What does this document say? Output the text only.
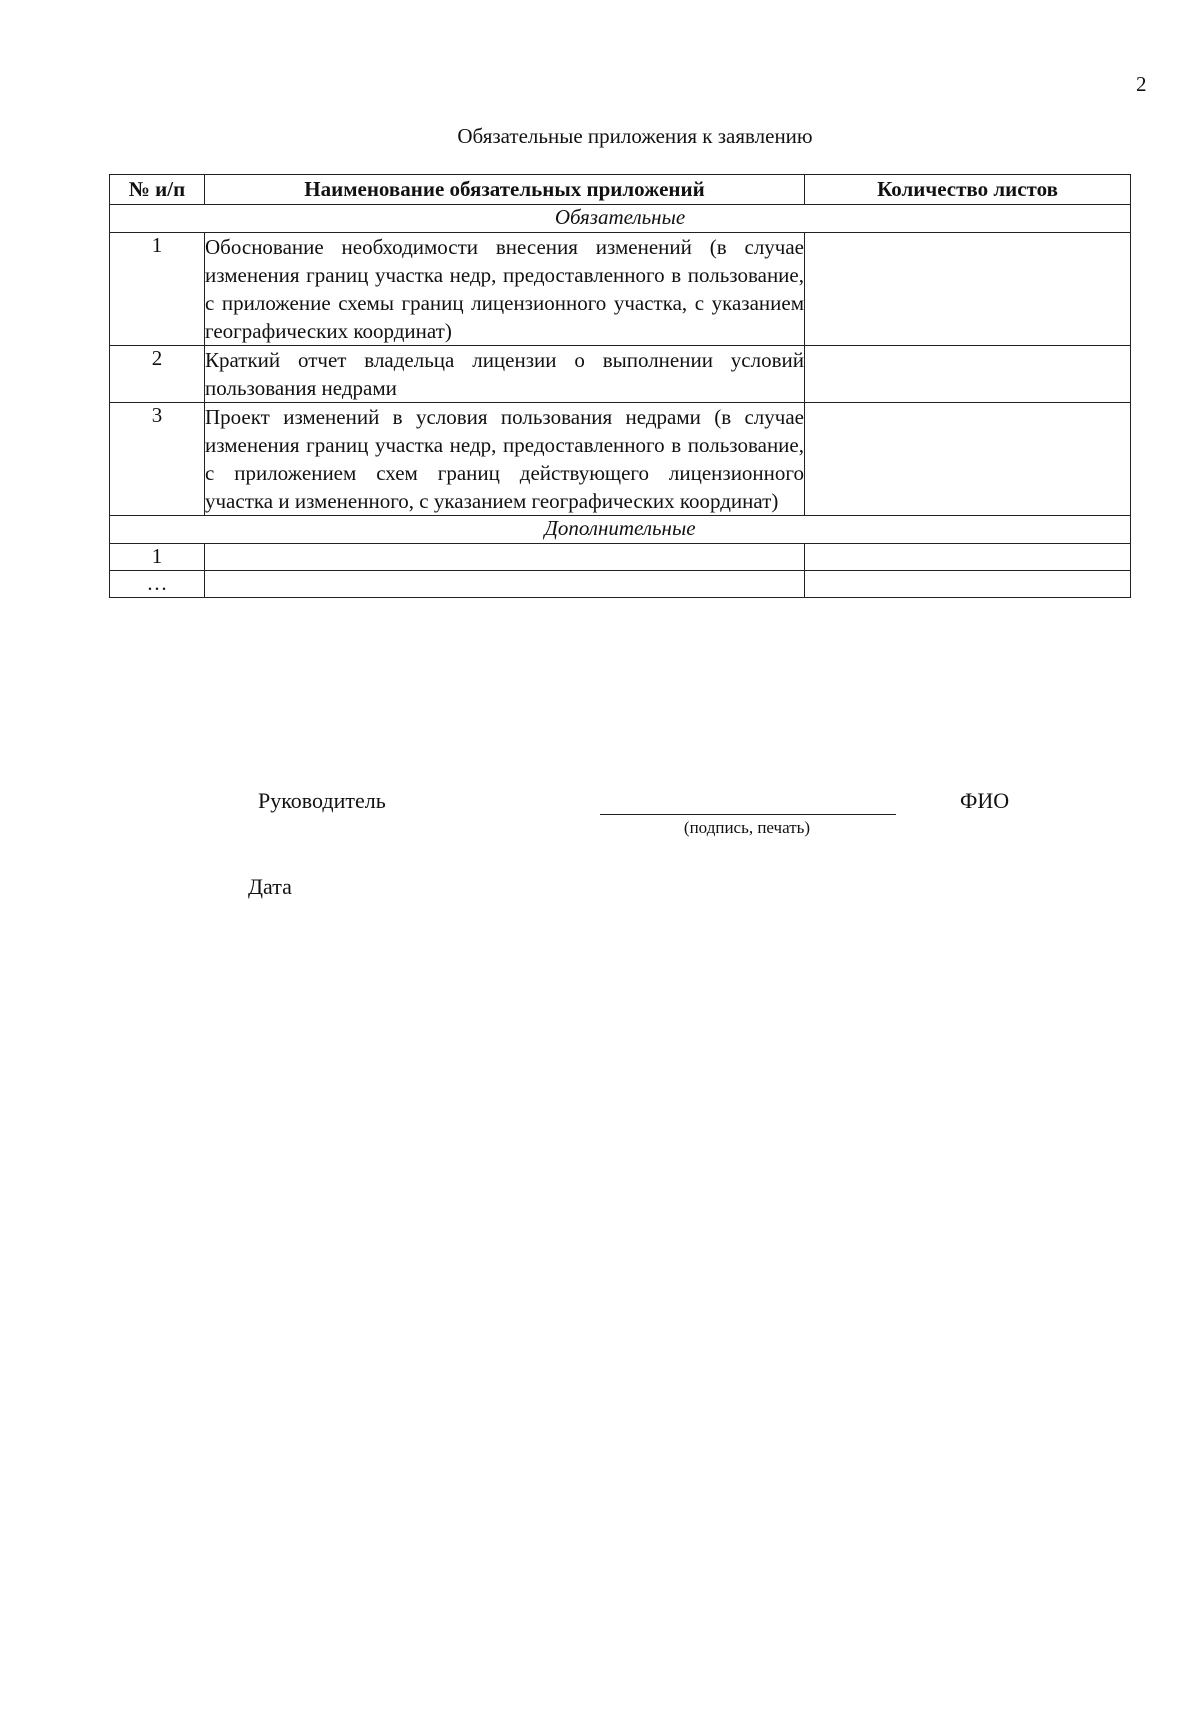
2
Обязательные приложения к заявлению
№ и/п	Наименование обязательных приложений	Количество листов
Обязательные		
1	Обоснование необходимости внесения изменений (в случае изменения границ участка недр, предоставленного в пользование, с приложение схемы границ лицензионного участка, с указанием географических координат)	
2	Краткий отчет владельца лицензии о выполнении условий пользования недрами	
3	Проект изменений в условия пользования недрами (в случае изменения границ участка недр, предоставленного в пользование, с приложением схем границ действующего лицензионного участка и измененного, с указанием географических координат)	
Дополнительные		
1		
…		
Руководитель
(подпись, печать)
ФИО
Дата
